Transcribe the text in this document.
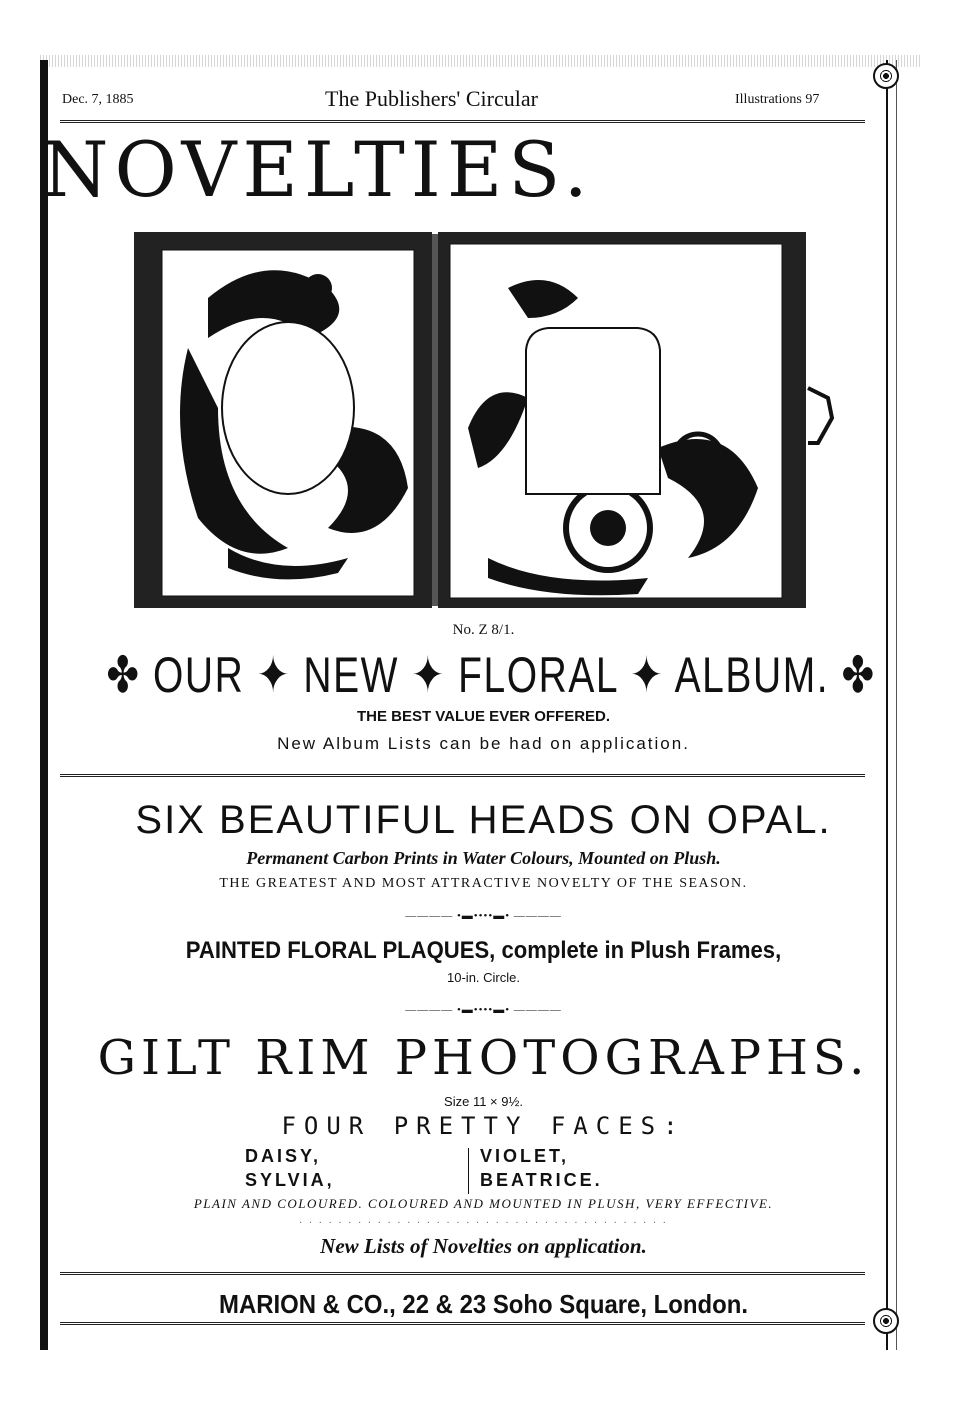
Dec. 7, 1885	The Publishers' Circular	Illustrations 97
NOVELTIES.
No. Z 8/1.
✤ OUR ✦ NEW ✦ FLORAL ✦ ALBUM. ✤
THE BEST VALUE EVER OFFERED.
New Album Lists can be had on application.
SIX BEAUTIFUL HEADS ON OPAL.
Permanent Carbon Prints in Water Colours, Mounted on Plush.
THE GREATEST AND MOST ATTRACTIVE NOVELTY OF THE SEASON.
———— •▬••••▬• ————
PAINTED FLORAL PLAQUES, complete in Plush Frames,
10-in. Circle.
———— •▬••••▬• ————
GILT RIM PHOTOGRAPHS.
Size 11 × 9½.
FOUR PRETTY FACES:
DAISY,
SYLVIA,
VIOLET,
BEATRICE.
PLAIN AND COLOURED. COLOURED AND MOUNTED IN PLUSH, VERY EFFECTIVE.
· · · · · · · · · · · · · · · · · · · · · · · · · · · · · · · · · · · · · ·
New Lists of Novelties on application.
MARION & CO., 22 & 23 Soho Square, London.
